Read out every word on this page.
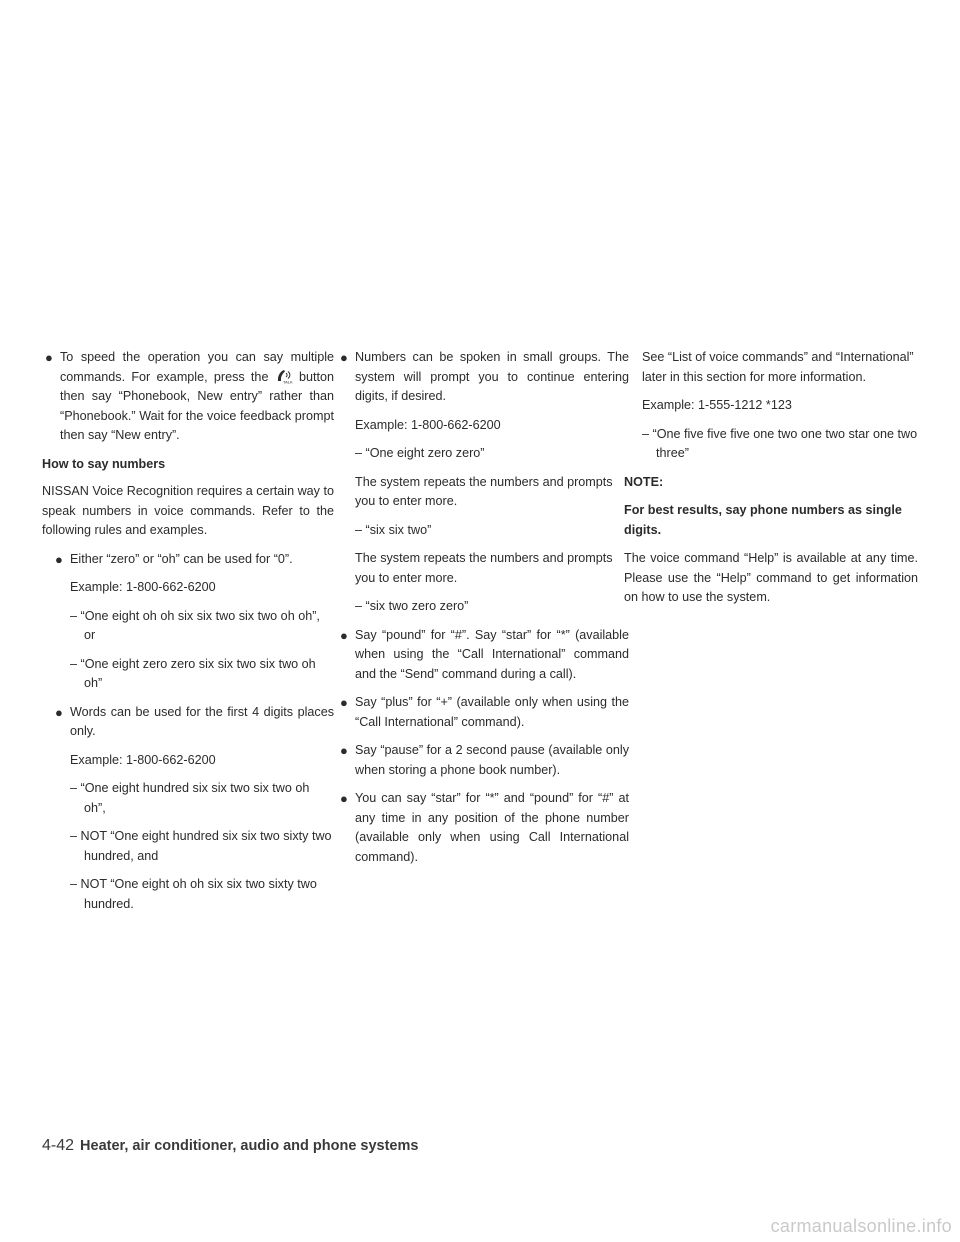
● To speed the operation you can say multiple commands. For example, press the	TALK button then say “Phonebook, New entry” rather than “Phonebook.” Wait for the voice feedback prompt then say “New entry”.

How to say numbers

NISSAN Voice Recognition requires a certain way to speak numbers in voice commands. Refer to the following rules and examples.

● Either “zero” or “oh” can be used for “0”.
Example: 1-800-662-6200
– “One eight oh oh six six two six two oh oh”, or
– “One eight zero zero six six two six two oh oh”
● Words can be used for the first 4 digits places only.
Example: 1-800-662-6200
– “One eight hundred six six two six two oh oh”,
– NOT “One eight hundred six six two sixty two hundred, and
– NOT “One eight oh oh six six two sixty two hundred.
● Numbers can be spoken in small groups. The system will prompt you to continue entering digits, if desired.
Example: 1-800-662-6200
– “One eight zero zero”
The system repeats the numbers and prompts you to enter more.
– “six six two”
The system repeats the numbers and prompts you to enter more.
– “six two zero zero”
● Say “pound” for “#”. Say “star” for “*” (available when using the “Call International” command and the “Send” command during a call).
● Say “plus” for “+” (available only when using the “Call International” command).
● Say “pause” for a 2 second pause (available only when storing a phone book number).
● You can say “star” for “*” and “pound” for “#” at any time in any position of the phone number (available only when using Call International command).
See “List of voice commands” and “International” later in this section for more information.
Example: 1-555-1212 *123
– “One five five five one two one two star one two three”

NOTE:

For best results, say phone numbers as single digits.

The voice command “Help” is available at any time. Please use the “Help” command to get information on how to use the system.

4-42 Heater, air conditioner, audio and phone systems
carmanualsonline.info
